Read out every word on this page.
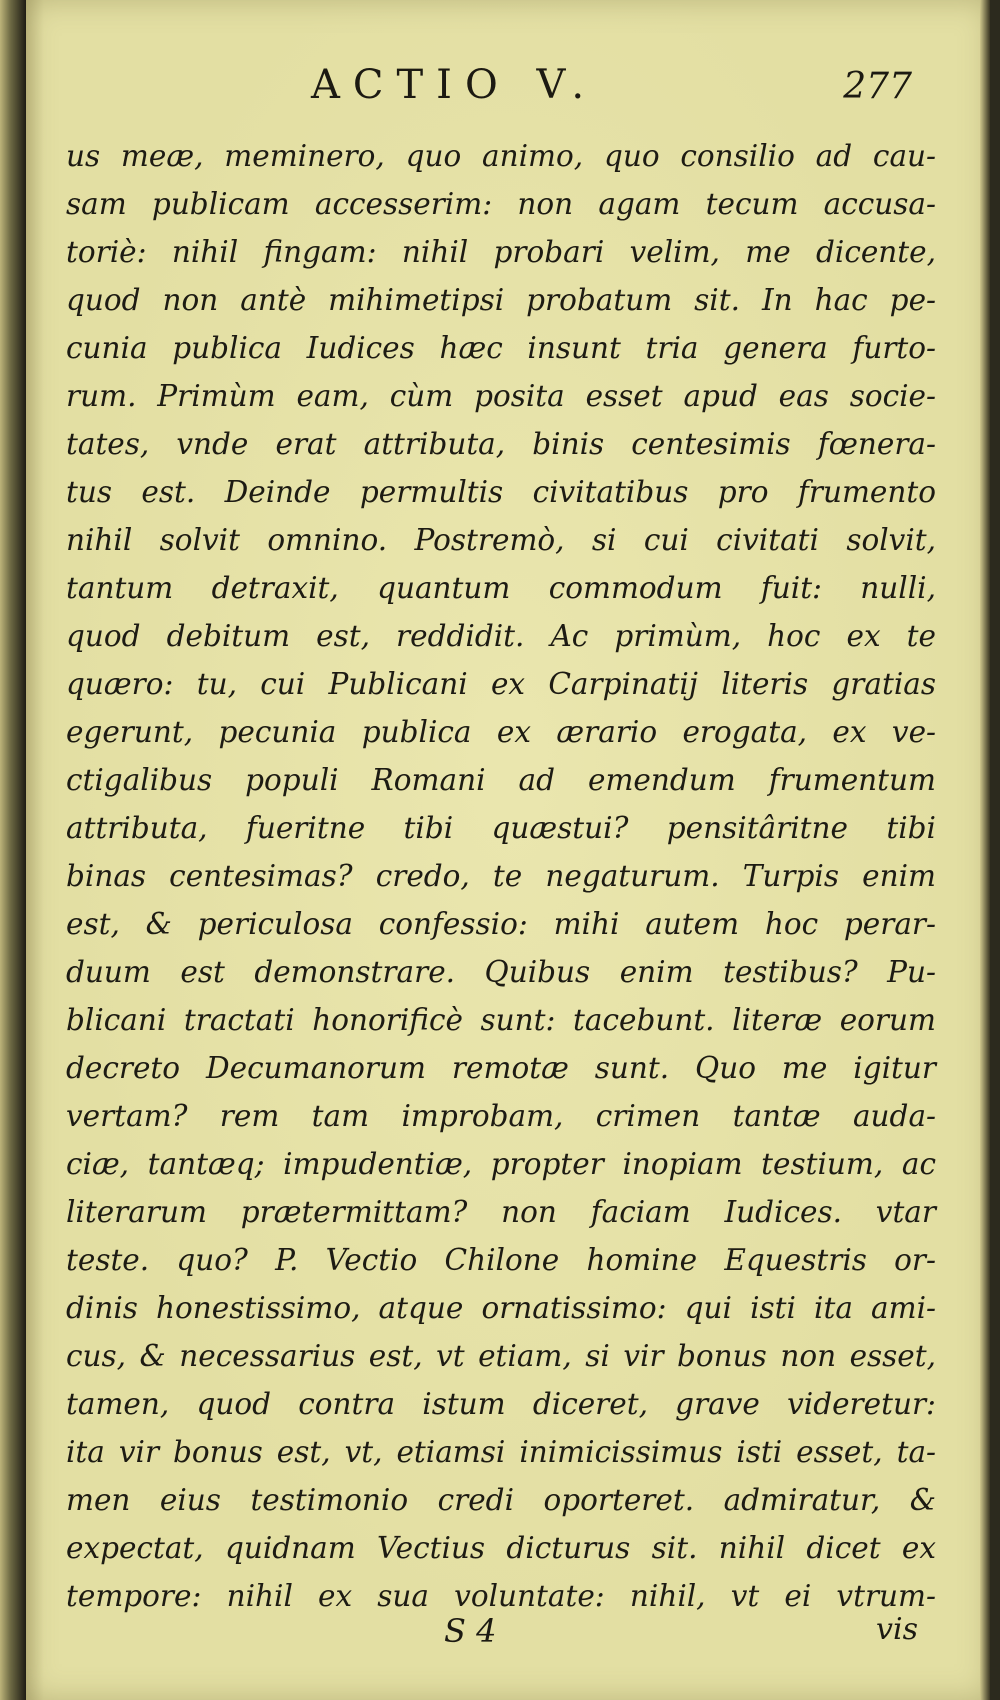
ACTIO V.	277
us meæ, meminero, quo animo, quo consilio ad cau-
sam publicam accesserim: non agam tecum accusa-
toriè: nihil fingam: nihil probari velim, me dicente,
quod non antè mihimetipsi probatum sit. In hac pe-
cunia publica Iudices hæc insunt tria genera furto-
rum. Primùm eam, cùm posita esset apud eas socie-
tates, vnde erat attributa, binis centesimis fœnera-
tus est. Deinde permultis civitatibus pro frumento
nihil solvit omnino. Postremò, si cui civitati solvit,
tantum detraxit, quantum commodum fuit: nulli,
quod debitum est, reddidit. Ac primùm, hoc ex te
quæro: tu, cui Publicani ex Carpinatij literis gratias
egerunt, pecunia publica ex ærario erogata, ex ve-
ctigalibus populi Romani ad emendum frumentum
attributa, fueritne tibi quæstui? pensitâritne tibi
binas centesimas? credo, te negaturum. Turpis enim
est, & periculosa confessio: mihi autem hoc perar-
duum est demonstrare. Quibus enim testibus? Pu-
blicani tractati honorificè sunt: tacebunt. literæ eorum
decreto Decumanorum remotæ sunt. Quo me igitur
vertam? rem tam improbam, crimen tantæ auda-
ciæ, tantæq; impudentiæ, propter inopiam testium, ac
literarum prætermittam? non faciam Iudices. vtar
teste. quo? P. Vectio Chilone homine Equestris or-
dinis honestissimo, atque ornatissimo: qui isti ita ami-
cus, & necessarius est, vt etiam, si vir bonus non esset,
tamen, quod contra istum diceret, grave videretur:
ita vir bonus est, vt, etiamsi inimicissimus isti esset, ta-
men eius testimonio credi oporteret. admiratur, &
expectat, quidnam Vectius dicturus sit. nihil dicet ex
tempore: nihil ex sua voluntate: nihil, vt ei vtrum-
S 4	vis
